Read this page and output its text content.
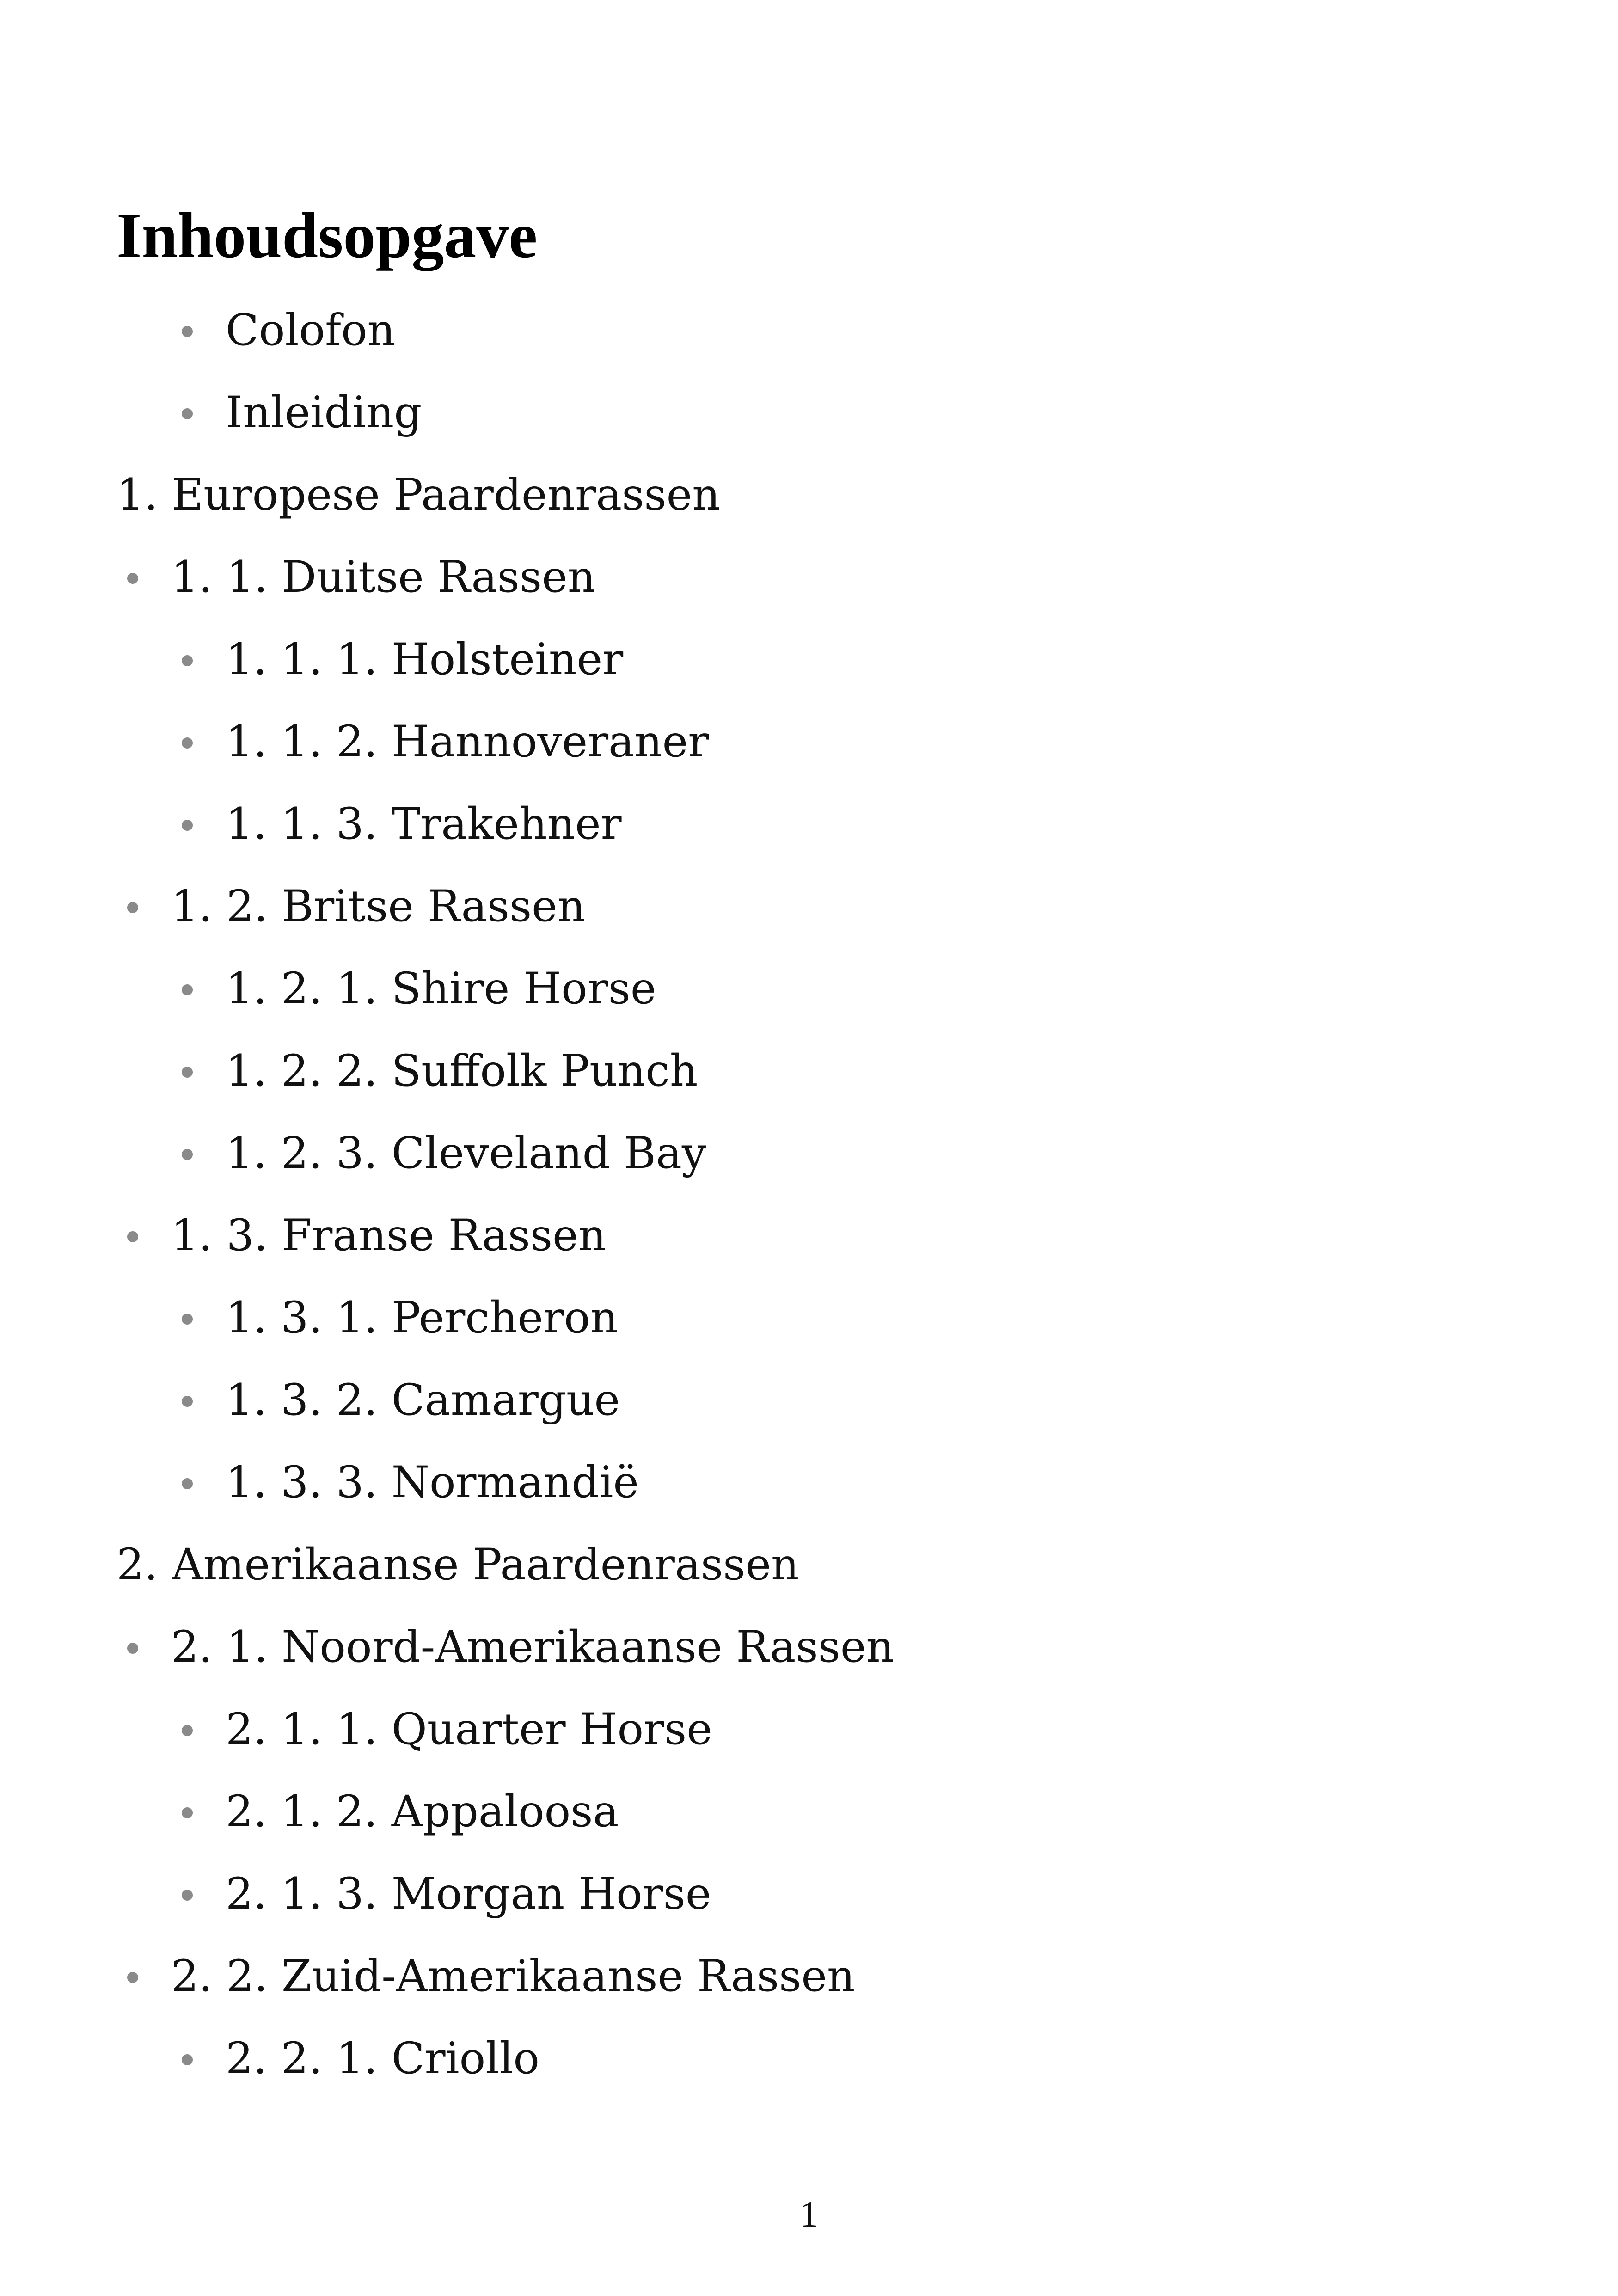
Inhoudsopgave
Colofon
Inleiding
1. Europese Paardenrassen
1. 1. Duitse Rassen
1. 1. 1. Holsteiner
1. 1. 2. Hannoveraner
1. 1. 3. Trakehner
1. 2. Britse Rassen
1. 2. 1. Shire Horse
1. 2. 2. Suffolk Punch
1. 2. 3. Cleveland Bay
1. 3. Franse Rassen
1. 3. 1. Percheron
1. 3. 2. Camargue
1. 3. 3. Normandië
2. Amerikaanse Paardenrassen
2. 1. Noord-Amerikaanse Rassen
2. 1. 1. Quarter Horse
2. 1. 2. Appaloosa
2. 1. 3. Morgan Horse
2. 2. Zuid-Amerikaanse Rassen
2. 2. 1. Criollo
1
